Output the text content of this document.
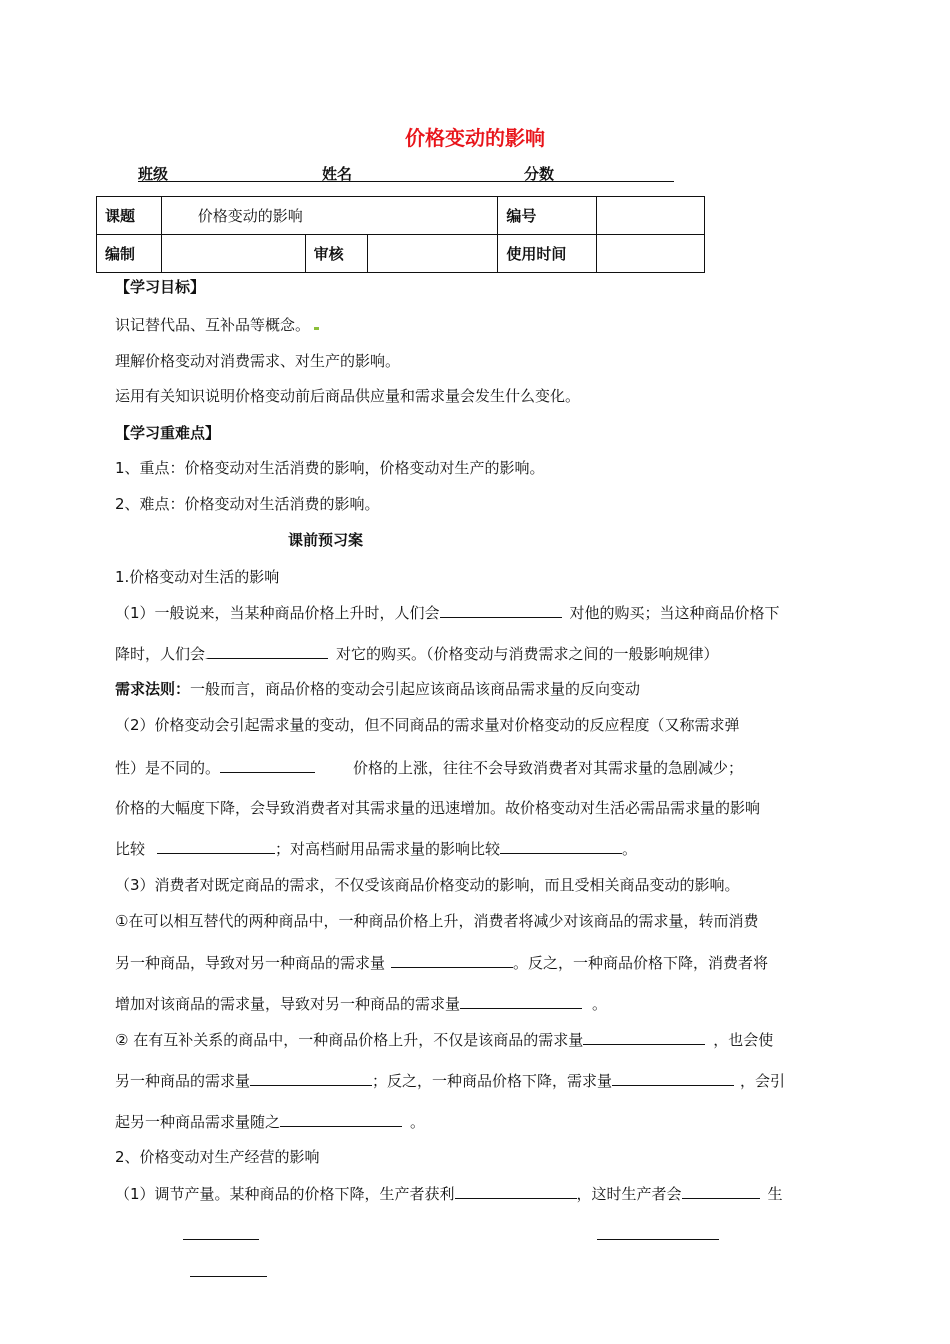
价格变动的影响
班级	姓名	分数
课题	价格变动的影响			编号	
编制		审核		使用时间	
【学习目标】
识记替代品、互补品等概念。
理解价格变动对消费需求、对生产的影响。
运用有关知识说明价格变动前后商品供应量和需求量会发生什么变化。
【学习重难点】
1、重点：价格变动对生活消费的影响，价格变动对生产的影响。
2、难点：价格变动对生活消费的影响。
课前预习案
1.价格变动对生活的影响
（1）一般说来，当某种商品价格上升时，人们会	对他的购买；当这种商品价格下
降时，人们会	对它的购买。（价格变动与消费需求之间的一般影响规律）
需求法则：一般而言，商品价格的变动会引起应该商品该商品需求量的反向变动
（2）价格变动会引起需求量的变动，但不同商品的需求量对价格变动的反应程度（又称需求弹
性）是不同的。	价格的上涨，往往不会导致消费者对其需求量的急剧减少；
价格的大幅度下降，会导致消费者对其需求量的迅速增加。故价格变动对生活必需品需求量的影响
比较	；对高档耐用品需求量的影响比较	。
（3）消费者对既定商品的需求，不仅受该商品价格变动的影响，而且受相关商品变动的影响。
①在可以相互替代的两种商品中，一种商品价格上升，消费者将减少对该商品的需求量，转而消费
另一种商品，导致对另一种商品的需求量	。反之，一种商品价格下降，消费者将
增加对该商品的需求量，导致对另一种商品的需求量	。
② 在有互补关系的商品中，一种商品价格上升，不仅是该商品的需求量	，也会使
另一种商品的需求量	；反之，一种商品价格下降，需求量	，会引
起另一种商品需求量随之	。
2、价格变动对生产经营的影响
（1）调节产量。某种商品的价格下降，生产者获利	，这时生产者会	生
